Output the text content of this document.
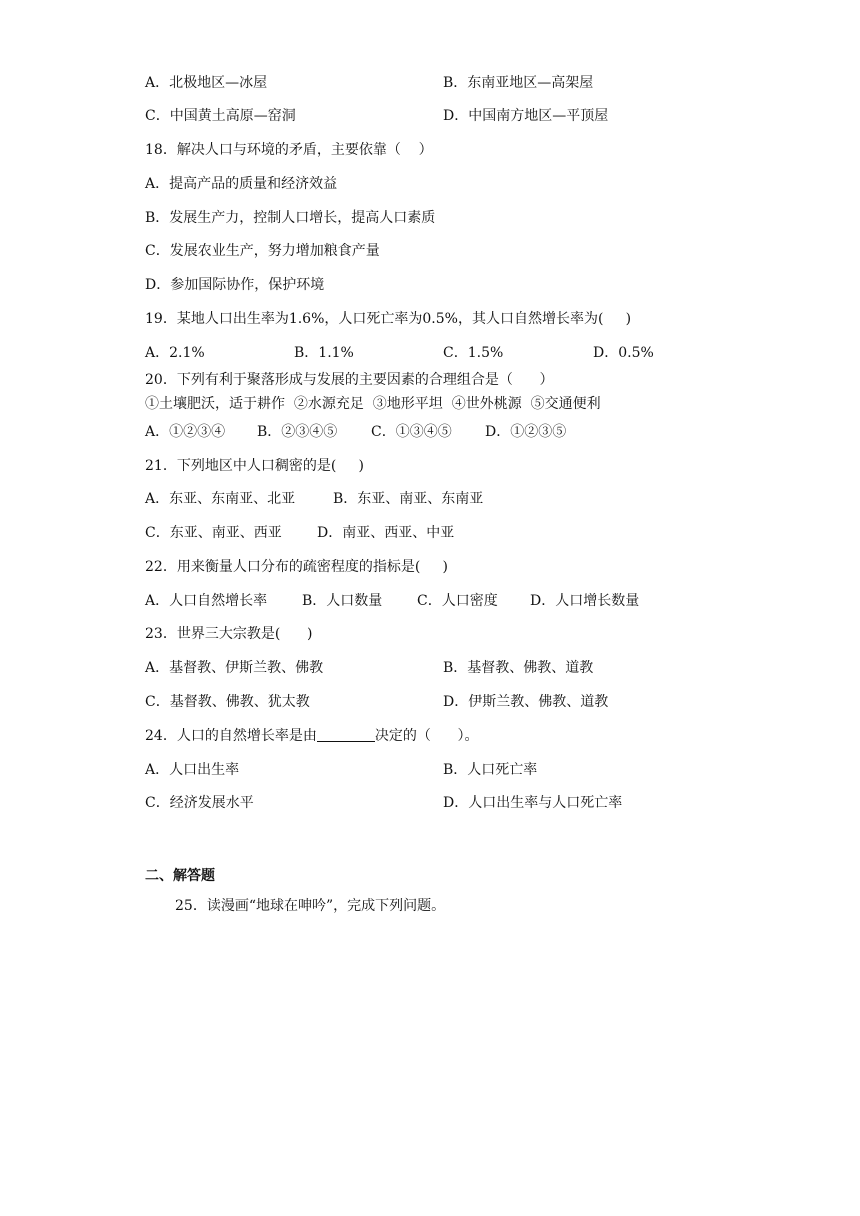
A．北极地区—冰屋	B．东南亚地区—高架屋
C．中国黄土高原—窑洞	D．中国南方地区—平顶屋
18．解决人口与环境的矛盾，主要依靠（    ）
A．提高产品的质量和经济效益
B．发展生产力，控制人口增长，提高人口素质
C．发展农业生产，努力增加粮食产量
D．参加国际协作，保护环境
19．某地人口出生率为1.6%，人口死亡率为0.5%，其人口自然增长率为(     )
A．2.1%	B．1.1%	C．1.5%	D．0.5%
20．下列有利于聚落形成与发展的主要因素的合理组合是（      ）
①土壤肥沃，适于耕作  ②水源充足  ③地形平坦  ④世外桃源  ⑤交通便利
A．①②③④ B．②③④⑤ C．①③④⑤ D．①②③⑤
21．下列地区中人口稠密的是(     )
A．东亚、东南亚、北亚	B．东亚、南亚、东南亚
C．东亚、南亚、西亚	D．南亚、西亚、中亚
22．用来衡量人口分布的疏密程度的指标是(     )
A．人口自然增长率 B．人口数量 C．人口密度 D．人口增长数量
23．世界三大宗教是(      )
A．基督教、伊斯兰教、佛教	B．基督教、佛教、道教
C．基督教、佛教、犹太教	D．伊斯兰教、佛教、道教
24．人口的自然增长率是由	决定的（      ）。
A．人口出生率	B．人口死亡率
C．经济发展水平	D．人口出生率与人口死亡率
二、解答题
25．读漫画“地球在呻吟”，完成下列问题。
